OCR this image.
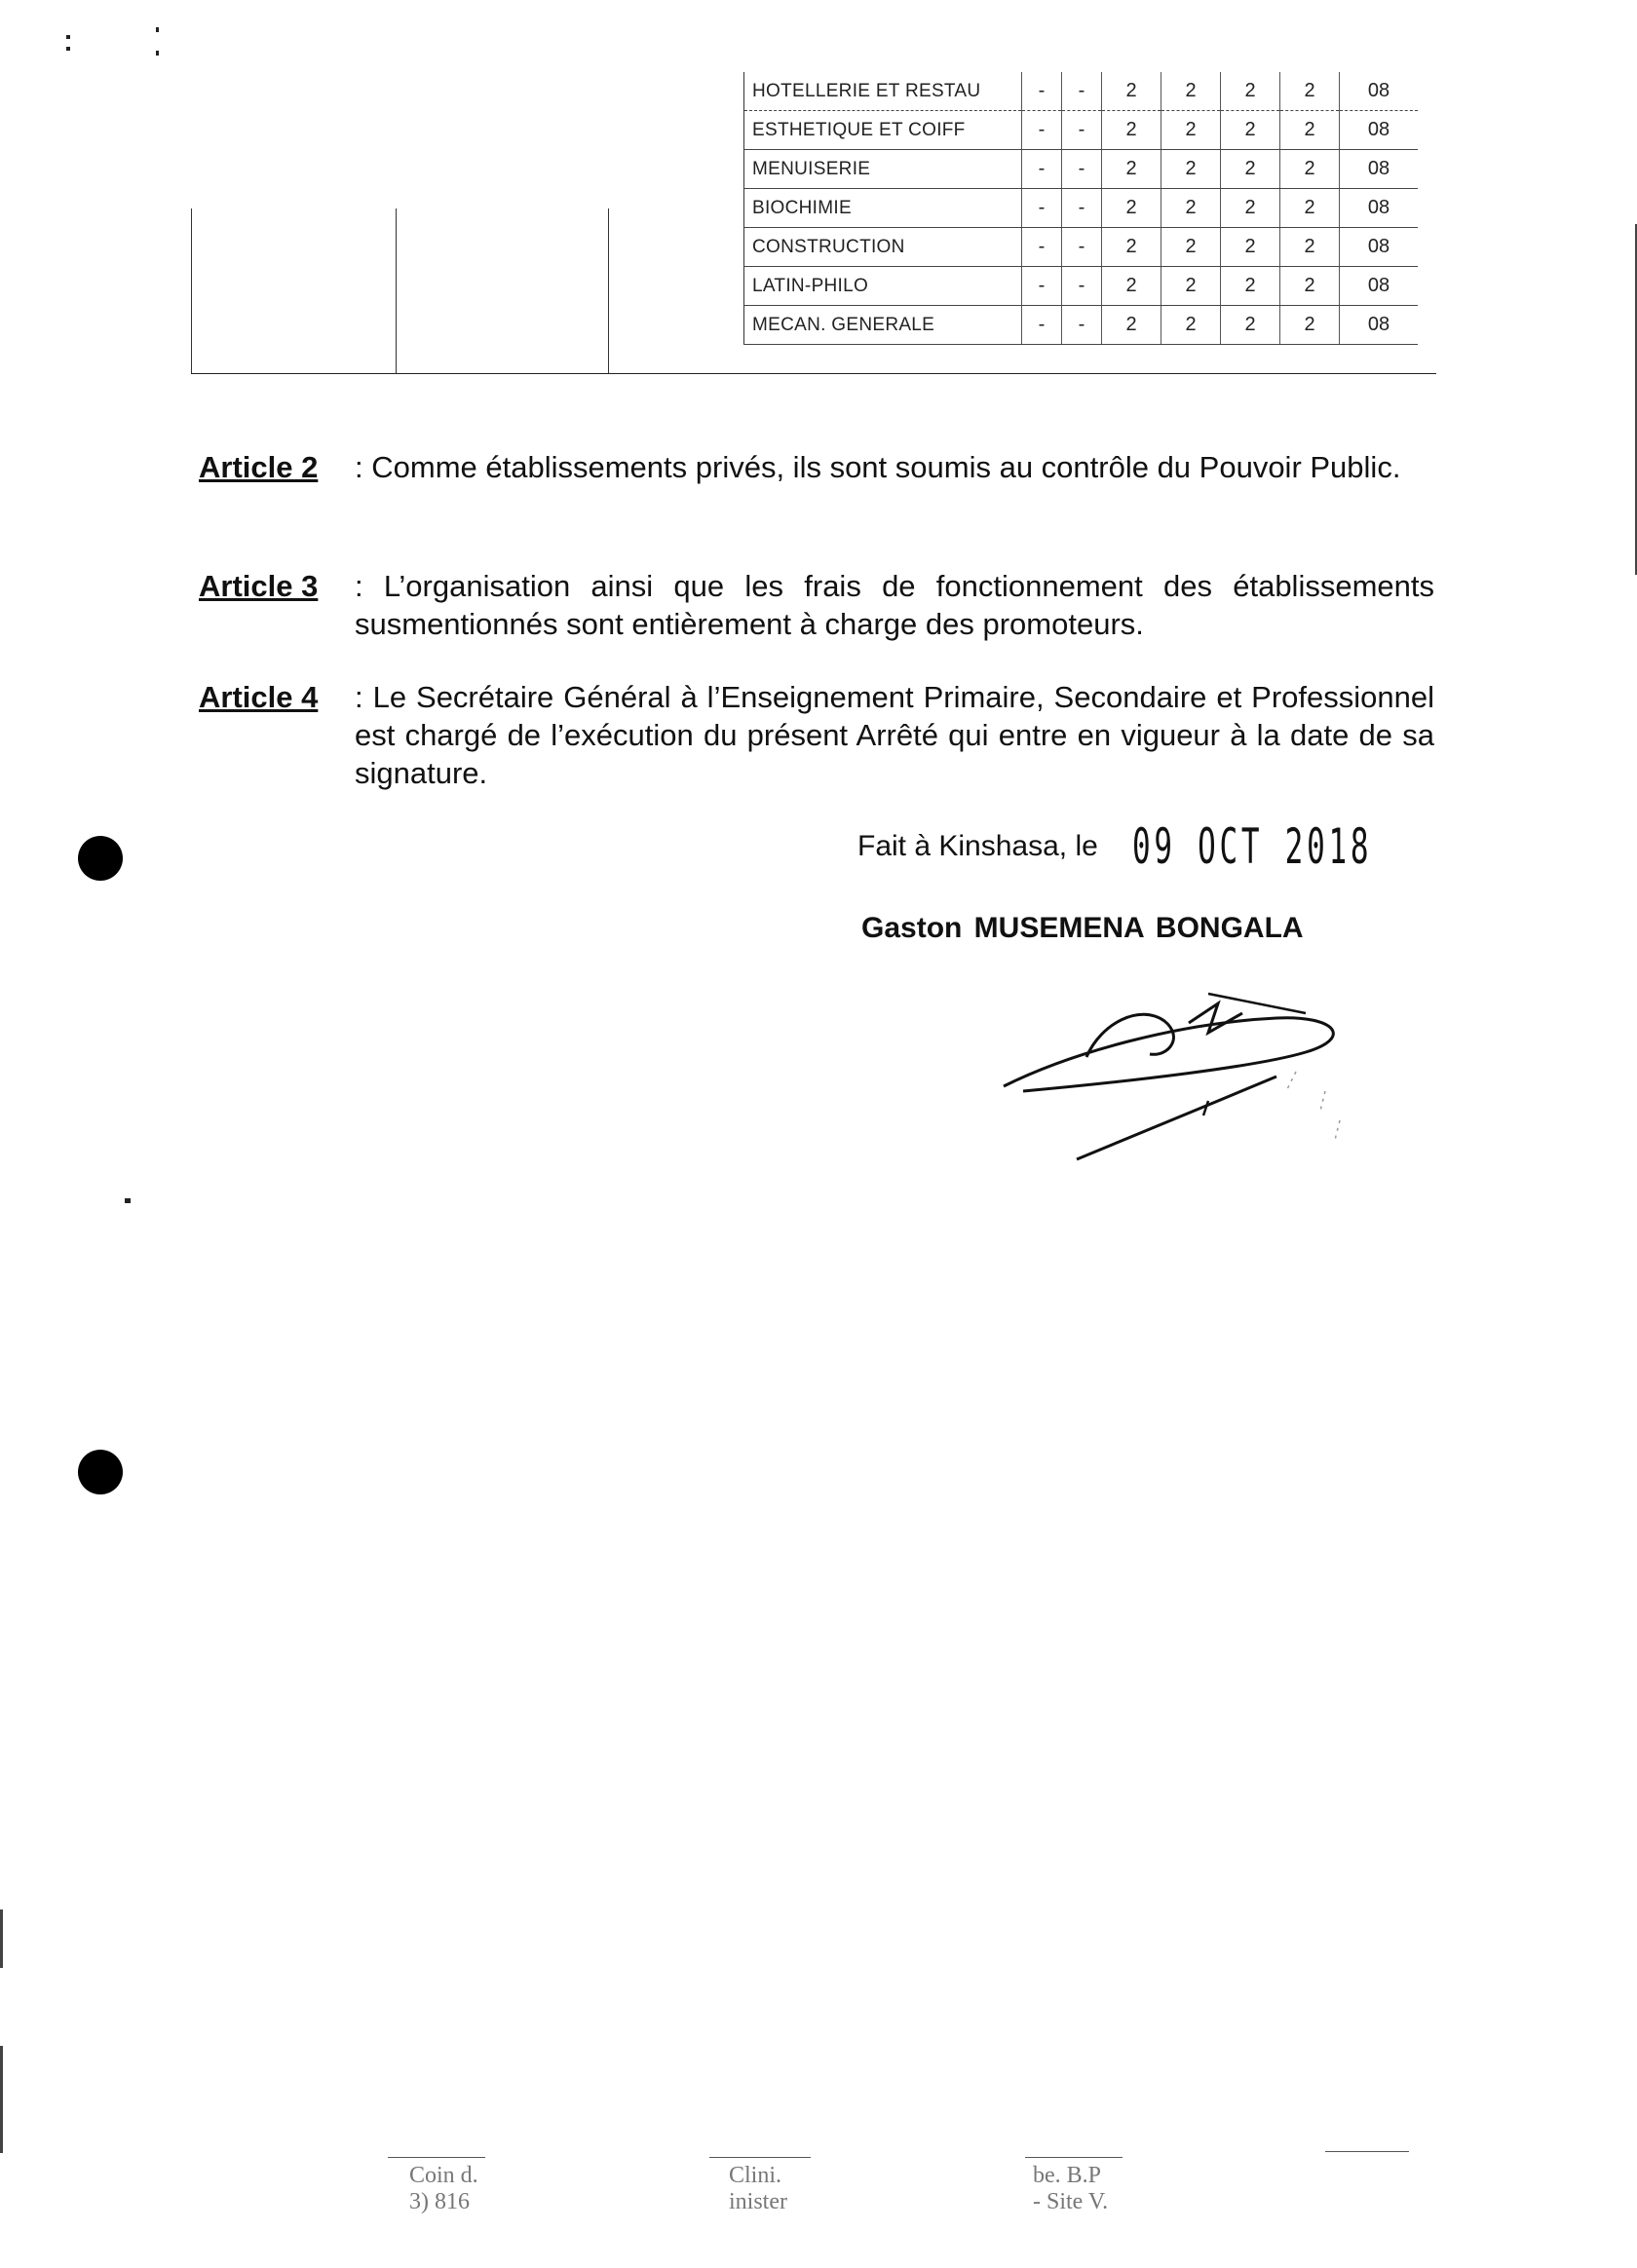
HOTELLERIE ET RESTAU	-	-	2	2	2	2	08
ESTHETIQUE ET COIFF	-	-	2	2	2	2	08
MENUISERIE	-	-	2	2	2	2	08
BIOCHIMIE	-	-	2	2	2	2	08
CONSTRUCTION	-	-	2	2	2	2	08
LATIN-PHILO	-	-	2	2	2	2	08
MECAN. GENERALE	-	-	2	2	2	2	08
Article 2 : Comme établissements privés, ils sont soumis au contrôle du Pouvoir Public.
Article 3 : L’organisation ainsi que les frais de fonctionnement des établissements susmentionnés sont entièrement à charge des promoteurs.
Article 4 : Le Secrétaire Général à l’Enseignement Primaire, Secondaire et Professionnel est chargé de l’exécution du présent Arrêté qui entre en vigueur à la date de sa signature.
Fait à Kinshasa, le 09 OCT 2018
Gaston MUSEMENA BONGALA
Coin d.
3) 816
Clini.
inister
be. B.P
- Site V.
